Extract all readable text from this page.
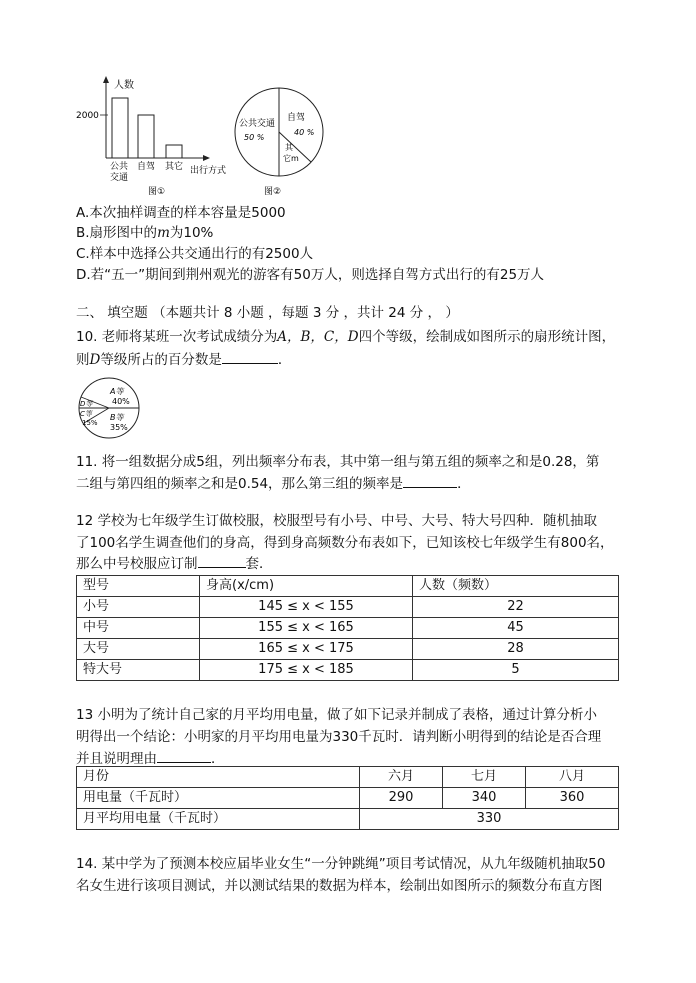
人数
2000
公共
交通
自驾 其它 出行方式
图①
公共交通
50 %
自驾
40 %
其
它m
图②
A.本次抽样调查的样本容量是5000
B.扇形图中的m为10%
C.样本中选择公共交通出行的有2500人
D.若“五一”期间到荆州观光的游客有50万人，则选择自驾方式出行的有25万人
二、 填空题 （本题共计 8 小题 ，每题 3 分 ，共计 24 分 ， ）
10. 老师将某班一次考试成绩分为A，B，C，D四个等级，绘制成如图所示的扇形统计图，
则D等级所占的百分数是	．
A等
40%
D等
C等
15%
B等
35%
11. 将一组数据分成5组，列出频率分布表，其中第一组与第五组的频率之和是0.28，第
二组与第四组的频率之和是0.54，那么第三组的频率是	．
12 学校为七年级学生订做校服，校服型号有小号、中号、大号、特大号四种．随机抽取
了100名学生调查他们的身高，得到身高频数分布表如下，已知该校七年级学生有800名，
那么中号校服应订制	套．
型号	身高(x/cm)	人数（频数）
小号	145 ≤ x < 155	22
中号	155 ≤ x < 165	45
大号	165 ≤ x < 175	28
特大号	175 ≤ x < 185	5
13 小明为了统计自己家的月平均用电量，做了如下记录并制成了表格，通过计算分析小
明得出一个结论：小明家的月平均用电量为330千瓦时．请判断小明得到的结论是否合理
并且说明理由	．
月份	六月	七月	八月
用电量（千瓦时）	290	340	360
月平均用电量（千瓦时）	330		
14. 某中学为了预测本校应届毕业女生“一分钟跳绳”项目考试情况，从九年级随机抽取50
名女生进行该项目测试，并以测试结果的数据为样本，绘制出如图所示的频数分布直方图
